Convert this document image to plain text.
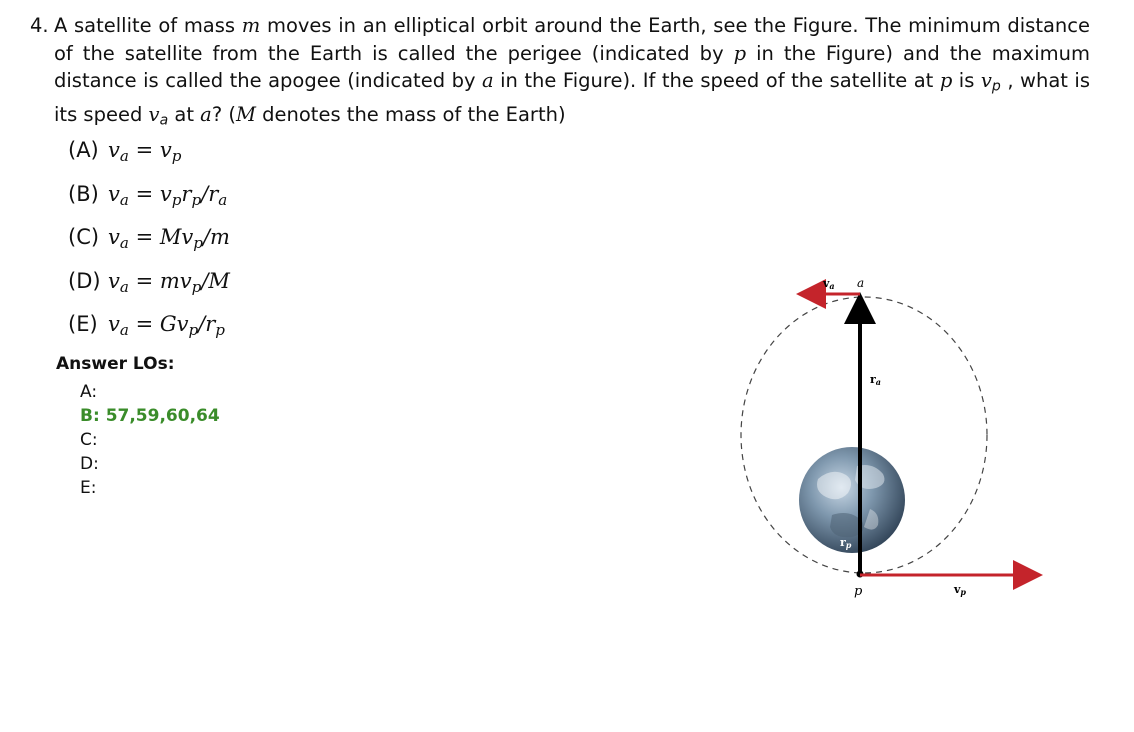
4. A satellite of mass m moves in an elliptical orbit around the Earth, see the Figure. The minimum distance of the satellite from the Earth is called the perigee (indicated by p in the Figure) and the maximum distance is called the apogee (indicated by a in the Figure). If the speed of the satellite at p is $v_p$ , what is its speed $v_a$ at a? (M denotes the mass of the Earth)
(A) $v_a = v_p$
(B) $v_a = v_pr_p/r_a$
(C) $v_a = Mv_p/m$
(D) $v_a = mv_p/M$
(E) $v_a = Gv_p/r_p$
Answer LOs:
A:
B: 57,59,60,64
C:
D:
E:
va a
ra
rp
p	vp
